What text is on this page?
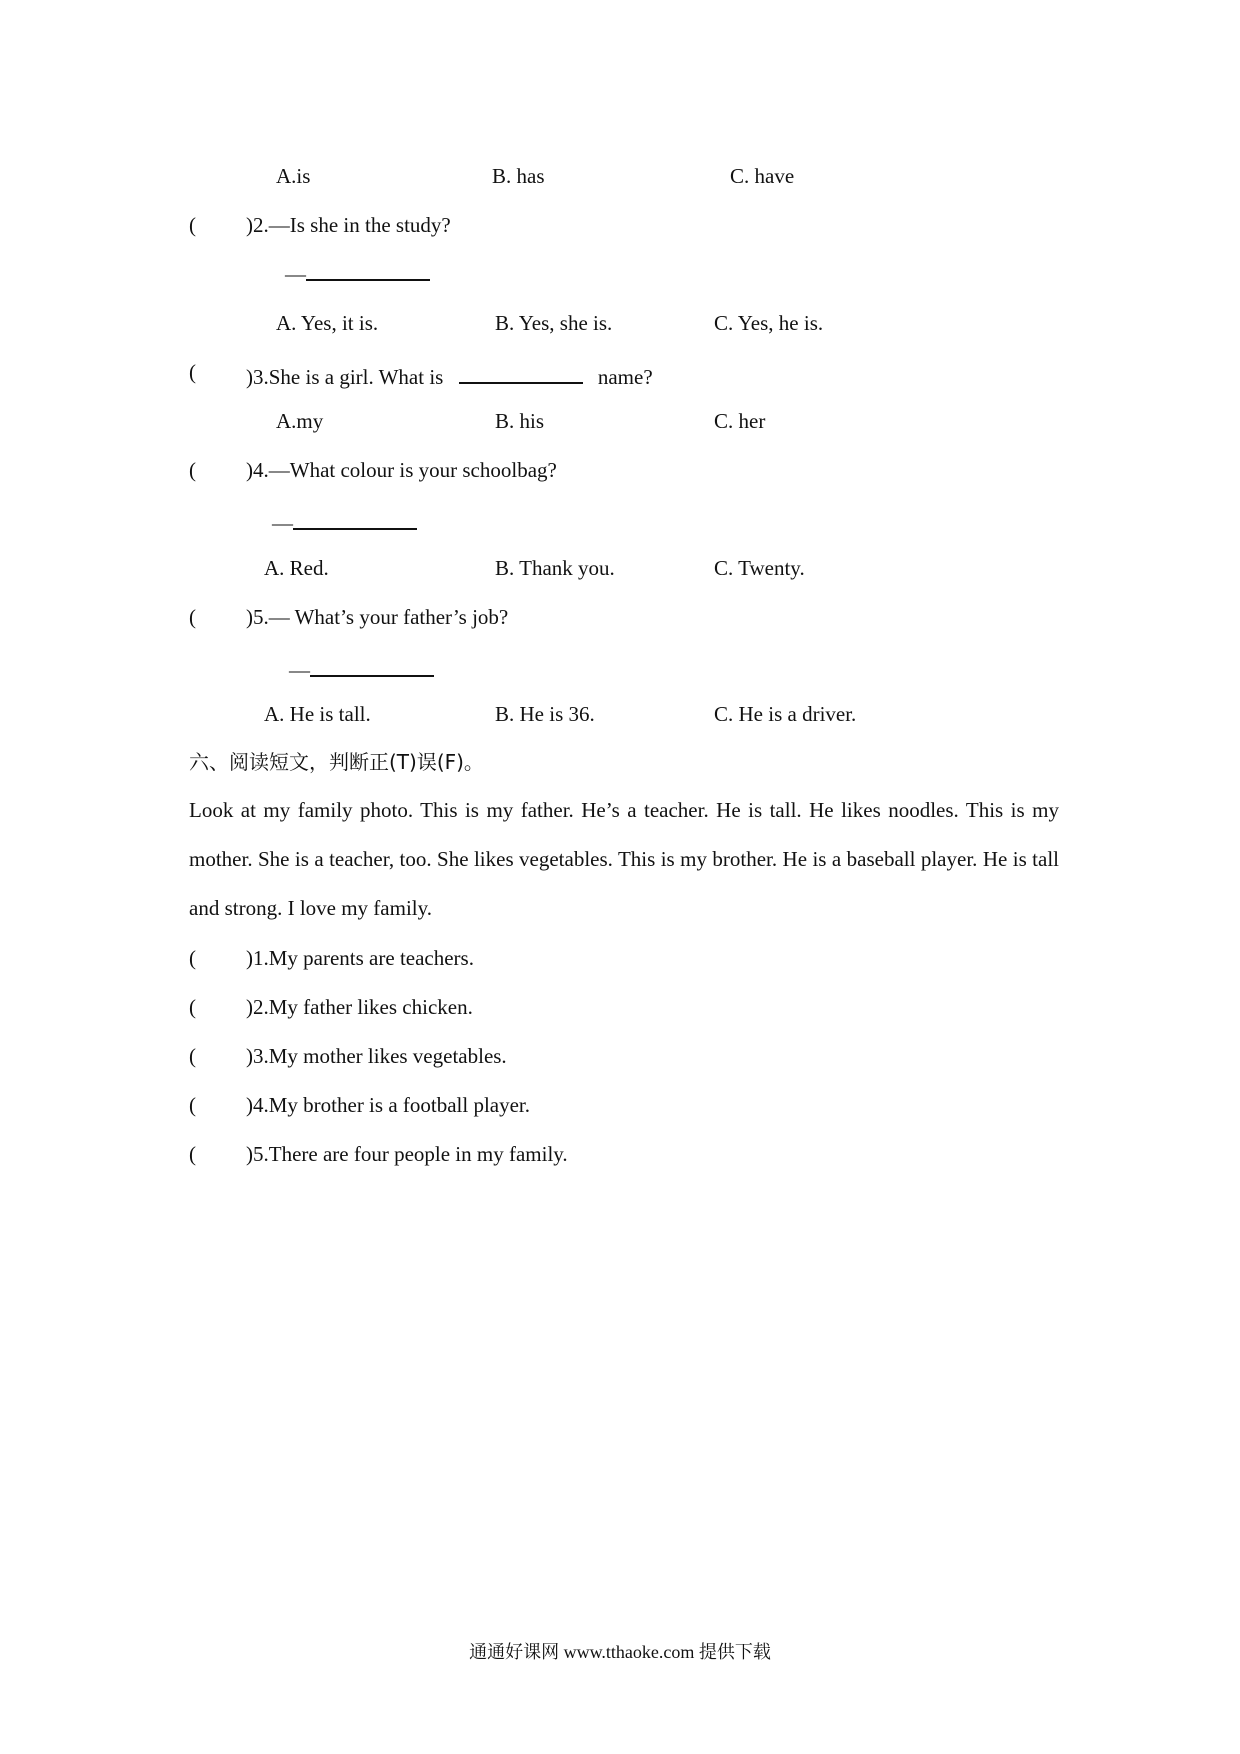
A.is	B. has	C. have
( )2.—Is she in the study?
—
A. Yes, it is.	B. Yes, she is.	C. Yes, he is.
( )3.She is a girl. What is	name?
A.my	B. his	C. her
( )4.—What colour is your schoolbag?
—
A. Red.	B. Thank you.	C. Twenty.
( )5.— What’s your father’s job?
—
A. He is tall.	B. He is 36.	C. He is a driver.
六、阅读短文，判断正(T)误(F)。
Look at my family photo. This is my father. He’s a teacher. He is tall. He likes noodles. This is my mother. She is a teacher, too. She likes vegetables. This is my brother. He is a baseball player. He is tall and strong. I love my family.
( )1.My parents are teachers.
( )2.My father likes chicken.
( )3.My mother likes vegetables.
( )4.My brother is a football player.
( )5.There are four people in my family.
通通好课网 www.tthaoke.com 提供下载
